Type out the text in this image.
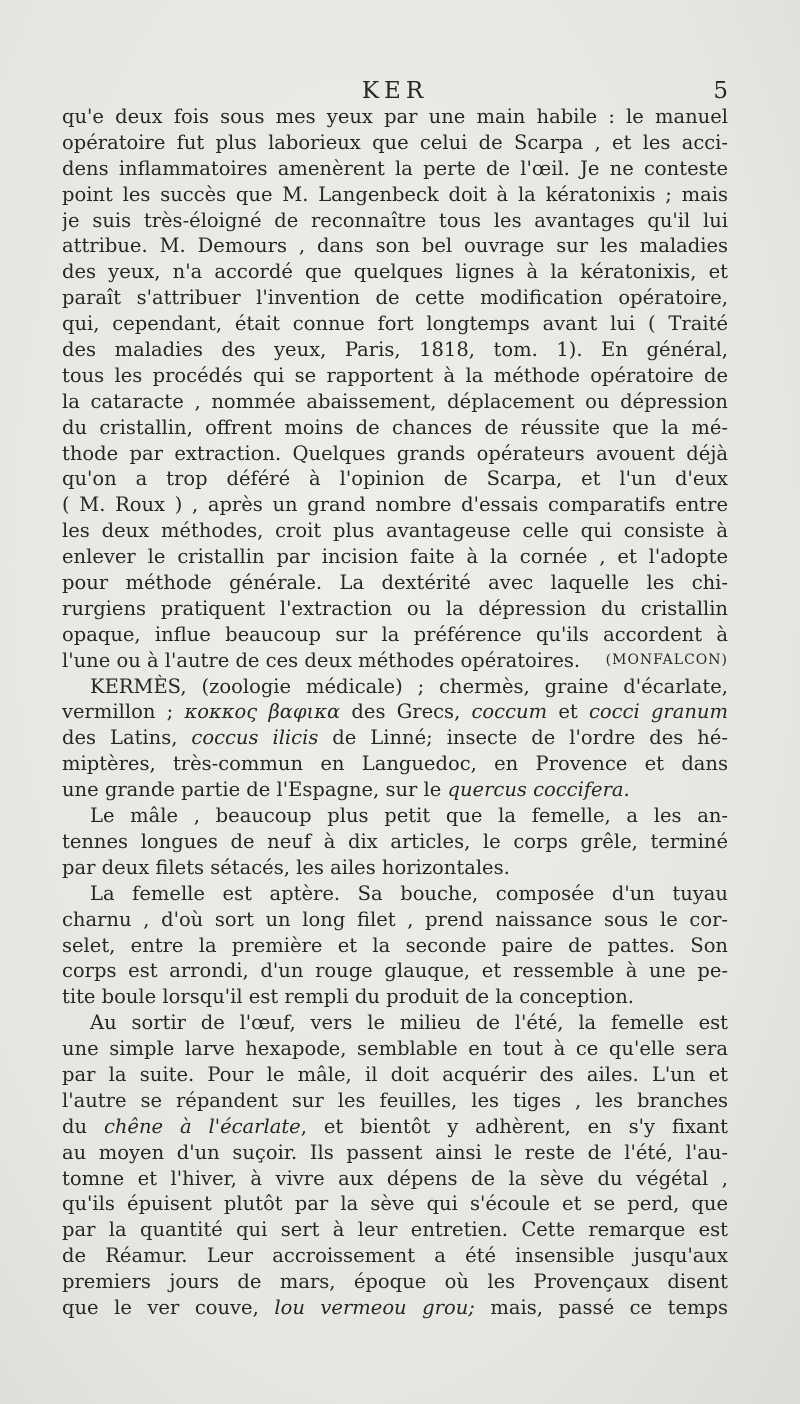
KER	5
qu'e deux fois sous mes yeux par une main habile : le manuel
opératoire fut plus laborieux que celui de Scarpa , et les acci-
dens inflammatoires amenèrent la perte de l'œil. Je ne conteste
point les succès que M. Langenbeck doit à la kératonixis ; mais
je suis très-éloigné de reconnaître tous les avantages qu'il lui
attribue. M. Demours , dans son bel ouvrage sur les maladies
des yeux, n'a accordé que quelques lignes à la kératonixis, et
paraît s'attribuer l'invention de cette modification opératoire,
qui, cependant, était connue fort longtemps avant lui ( Traité
des maladies des yeux, Paris, 1818, tom. 1). En général,
tous les procédés qui se rapportent à la méthode opératoire de
la cataracte , nommée abaissement, déplacement ou dépression
du cristallin, offrent moins de chances de réussite que la mé-
thode par extraction. Quelques grands opérateurs avouent déjà
qu'on a trop déféré à l'opinion de Scarpa, et l'un d'eux
( M. Roux ) , après un grand nombre d'essais comparatifs entre
les deux méthodes, croit plus avantageuse celle qui consiste à
enlever le cristallin par incision faite à la cornée , et l'adopte
pour méthode générale. La dextérité avec laquelle les chi-
rurgiens pratiquent l'extraction ou la dépression du cristallin
opaque, influe beaucoup sur la préférence qu'ils accordent à
l'une ou à l'autre de ces deux méthodes opératoires. (MONFALCON)
KERMÈS, (zoologie médicale) ; chermès, graine d'écarlate,
vermillon ; κοκκος βαφικα des Grecs, coccum et cocci granum
des Latins, coccus ilicis de Linné; insecte de l'ordre des hé-
miptères, très-commun en Languedoc, en Provence et dans
une grande partie de l'Espagne, sur le quercus coccifera.
Le mâle , beaucoup plus petit que la femelle, a les an-
tennes longues de neuf à dix articles, le corps grêle, terminé
par deux filets sétacés, les ailes horizontales.
La femelle est aptère. Sa bouche, composée d'un tuyau
charnu , d'où sort un long filet , prend naissance sous le cor-
selet, entre la première et la seconde paire de pattes. Son
corps est arrondi, d'un rouge glauque, et ressemble à une pe-
tite boule lorsqu'il est rempli du produit de la conception.
Au sortir de l'œuf, vers le milieu de l'été, la femelle est
une simple larve hexapode, semblable en tout à ce qu'elle sera
par la suite. Pour le mâle, il doit acquérir des ailes. L'un et
l'autre se répandent sur les feuilles, les tiges , les branches
du chêne à l'écarlate, et bientôt y adhèrent, en s'y fixant
au moyen d'un suçoir. Ils passent ainsi le reste de l'été, l'au-
tomne et l'hiver, à vivre aux dépens de la sève du végétal ,
qu'ils épuisent plutôt par la sève qui s'écoule et se perd, que
par la quantité qui sert à leur entretien. Cette remarque est
de Réamur. Leur accroissement a été insensible jusqu'aux
premiers jours de mars, époque où les Provençaux disent
que le ver couve, lou vermeou grou; mais, passé ce temps
